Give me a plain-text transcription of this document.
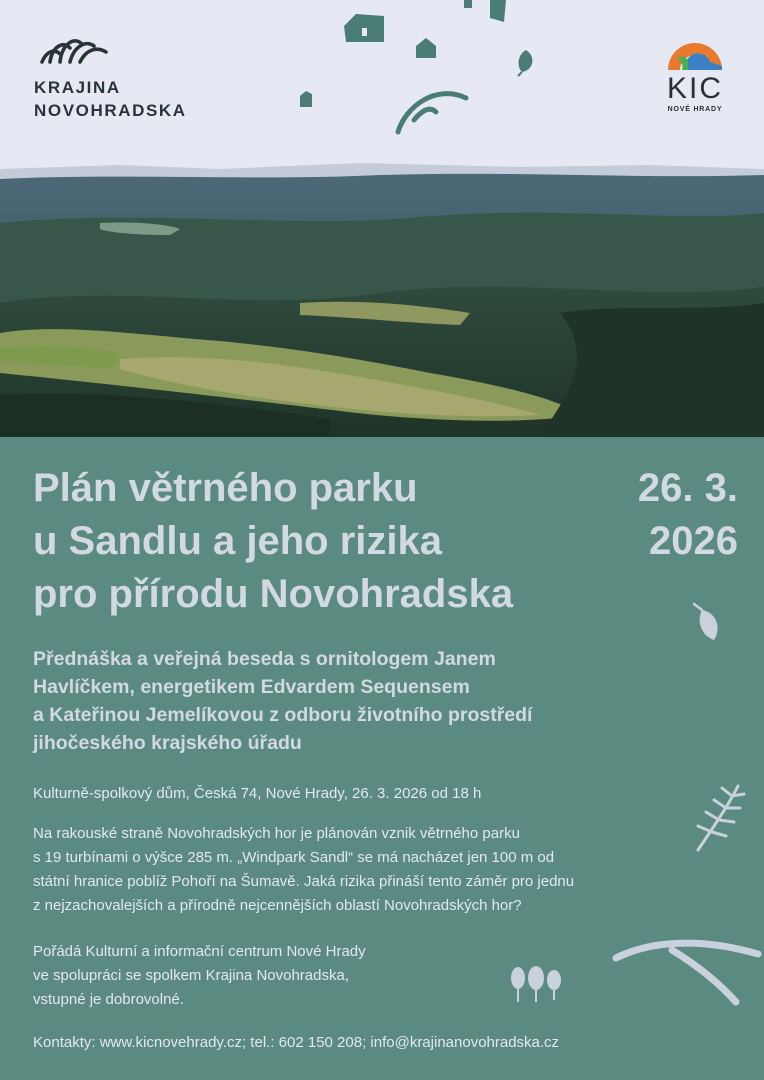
KRAJINA
NOVOHRADSKA
KIC
NOVÉ HRADY
Plán větrného parku
u Sandlu a jeho rizika
pro přírodu Novohradska
26. 3.
2026
Přednáška a veřejná beseda s ornitologem Janem
Havlíčkem, energetikem Edvardem Sequensem
a Kateřinou Jemelíkovou z odboru životního prostředí
jihočeského krajského úřadu
Kulturně-spolkový dům, Česká 74, Nové Hrady, 26. 3. 2026 od 18 h
Na rakouské straně Novohradských hor je plánován vznik větrného parku
s 19 turbínami o výšce 285 m. „Windpark Sandl“ se má nacházet jen 100 m od
státní hranice poblíž Pohoří na Šumavě. Jaká rizika přináší tento záměr pro jednu
z nejzachovalejších a přírodně nejcennějších oblastí Novohradských hor?
Pořádá Kulturní a informační centrum Nové Hrady
ve spolupráci se spolkem Krajina Novohradska,
vstupné je dobrovolné.
Kontakty: www.kicnovehrady.cz; tel.: 602 150 208; info@krajinanovohradska.cz
